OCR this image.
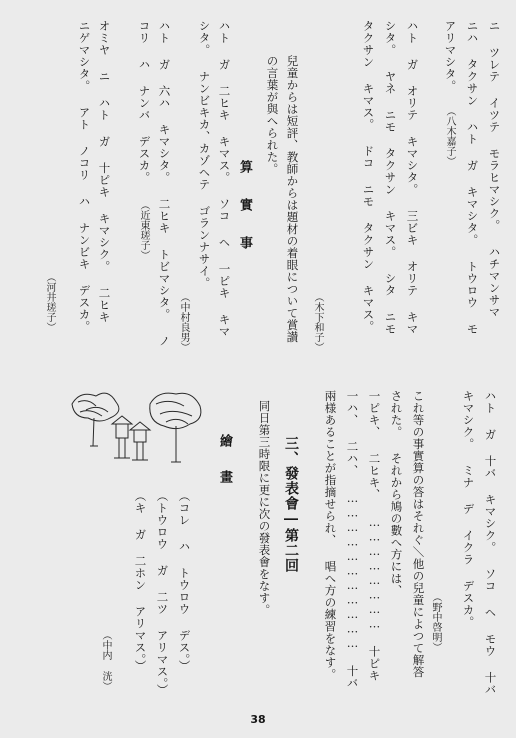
ニ ツレテ イツテ モラヒマシク。 ハチマンサマ
ニハ タクサン ハト ガ キマシタ。 トウロウ モ
アリマシタ。
（八木嘉子）
ハト ガ オリテ キマシタ。 三ビキ オリテ キマ
シタ。 ヤネ ニモ タクサン キマス。 シタ ニモ
タクサン キマス。 ドコ ニモ タクサン キマス。
（木下和子）
兒童からは短評、教師からは題材の着眼について賞讃
の言葉が與へられた。
算 實 事
ハト ガ 二ヒキ キマス。 ソコ ヘ 一ピキ キマ
シタ。 ナンビキカ、カゾヘテ ゴランナサイ。
（中村良男）
ハト ガ 六ハ キマシタ。 二ヒキ トビマシタ。 ノ
コリ ハ ナンバ デスカ。
（近東瑳子）
オミヤ ニ ハト ガ 十ピキ キマシク。 二ヒキ
ニゲマシタ。 アト ノコリ ハ ナンビキ デスカ。
（河井瑳子）
ハト ガ 十バ キマシク。 ソコ ヘ モウ 十バ
キマシク。 ミナ デ イクラ デスカ。
（野中啓明）
これ等の事實算の答はそれぐ＼他の兒童によつて解答
された。 それから鳩の數へ方には、
一ピキ、 二ヒキ、 …………………… 十ピキ
一ハ、 二ハ、 …………………………… 十バ
兩様あることが指摘せられ、 唱へ方の練習をなす。
三、發表會―第二回
同日第三時限に更に次の發表會をなす。
繪　畫
（コレ ハ トウロウ デス。）
（トウロウ ガ 二ツ アリマス。）
（キ ガ 二ホン アリマス。）
（中内 洸）
38
